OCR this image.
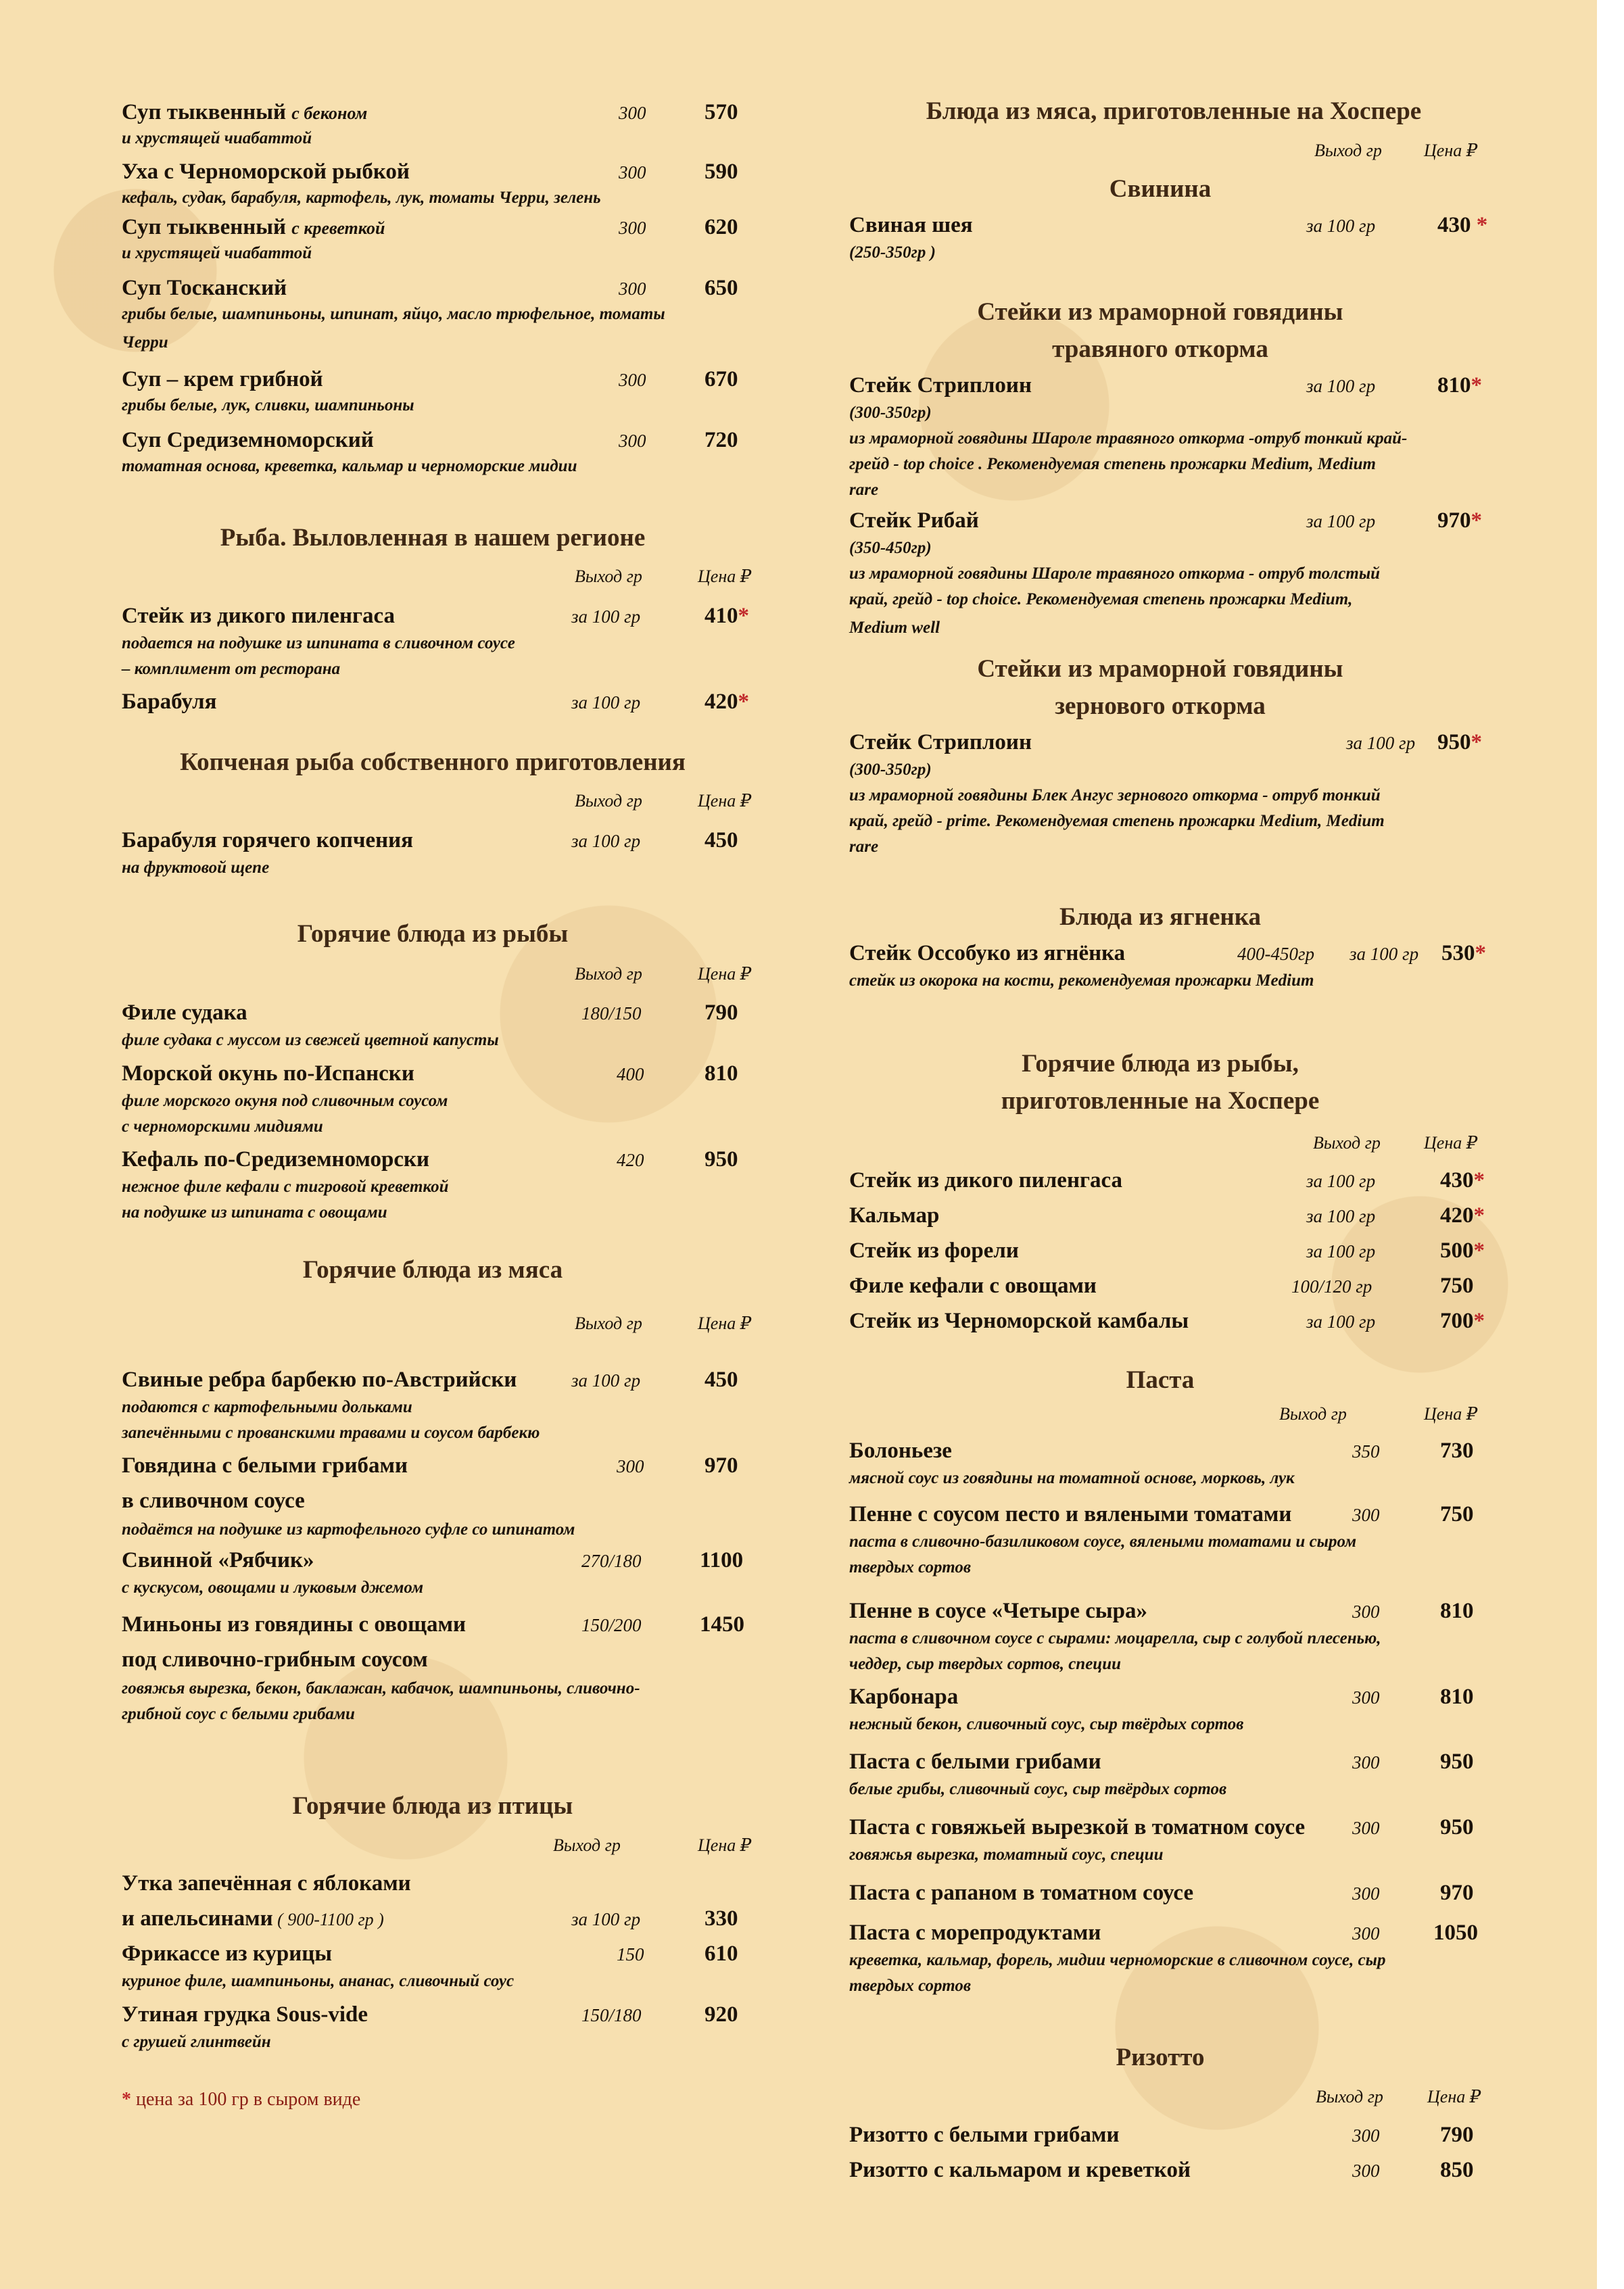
Суп тыквенный с беконом	300	570
и хрустящей чиабаттой
Уха с Черноморской рыбкой	300	590
кефаль, судак, барабуля, картофель, лук, томаты Черри, зелень
Суп тыквенный с креветкой	300	620
и хрустящей чиабаттой
Суп Тосканский	300	650
грибы белые, шампиньоны, шпинат, яйцо, масло трюфельное, томаты
Черри
Суп – крем грибной	300	670
грибы белые, лук, сливки, шампиньоны
Суп Средиземноморский	300	720
томатная основа, креветка, кальмар и черноморские мидии
Рыба. Выловленная в нашем регионе
Выход гр	Цена ₽
Стейк из дикого пиленгаса	за 100 гр	410*
подается на подушке из шпината в сливочном соусе
– комплимент от ресторана
Барабуля	за 100 гр	420*
Копченая рыба собственного приготовления
Выход гр	Цена ₽
Барабуля горячего копчения	за 100 гр	450
на фруктовой щепе
Горячие блюда из рыбы
Выход гр	Цена ₽
Филе судака	180/150	790
филе судака с муссом из свежей цветной капусты
Морской окунь по-Испански	400	810
филе морского окуня под сливочным соусом
с черноморскими мидиями
Кефаль по-Средиземноморски	420	950
нежное филе кефали с тигровой креветкой
на подушке из шпината с овощами
Горячие блюда из мяса
Выход гр	Цена ₽
Свиные ребра барбекю по-Австрийски	за 100 гр	450
подаются с картофельными дольками
запечёнными с прованскими травами и соусом барбекю
Говядина с белыми грибами
в сливочном соусе
300	970
подаётся на подушке из картофельного суфле со шпинатом
Свинной «Рябчик»	270/180	1100
с кускусом, овощами и луковым джемом
Миньоны из говядины с овощами
под сливочно-грибным соусом
150/200	1450
говяжья вырезка, бекон, баклажан, кабачок, шампиньоны, сливочно-
грибной соус с белыми грибами
Горячие блюда из птицы
Выход гр	Цена ₽
Утка запечённая с яблоками
и апельсинами ( 900-1100 гр )	за 100 гр	330
Фрикассе из курицы	150	610
куриное филе, шампиньоны, ананас, сливочный соус
Утиная грудка Sous-vide	150/180	920
с грушей глинтвейн
* цена за 100 гр в сыром виде
Блюда из мяса, приготовленные на Хоспере
Выход гр Цена ₽
Свинина
Свиная шея	за 100 гр	430 *
(250-350гр )
Стейки из мраморной говядины
травяного откорма
Стейк Стриплоин	за 100 гр	810*
(300-350гр)
из мраморной говядины Шароле травяного откорма -отруб тонкий край-
грейд - top choice . Рекомендуемая степень прожарки Medium, Medium
rare
Стейк Рибай	за 100 гр	970*
(350-450гр)
из мраморной говядины Шароле травяного откорма - отруб толстый
край, грейд - top choice. Рекомендуемая степень прожарки Medium,
Medium well
Стейки из мраморной говядины
зернового откорма
Стейк Стриплоин	за 100 гр 950*
(300-350гр)
из мраморной говядины Блек Ангус зернового откорма - отруб тонкий
край, грейд - prime. Рекомендуемая степень прожарки Medium, Medium
rare
Блюда из ягненка
Стейк Оссобуко из ягнёнка	400-450гр за 100 гр 530*
стейк из окорока на кости, рекомендуемая прожарки Medium
Горячие блюда из рыбы,
приготовленные на Хоспере
Выход гр Цена ₽
Стейк из дикого пиленгаса	за 100 гр	430*
Кальмар	за 100 гр	420*
Стейк из форели	за 100 гр	500*
Филе кефали с овощами	100/120 гр	750
Стейк из Черноморской камбалы	за 100 гр	700*
Паста
Выход гр	Цена ₽
Болоньезе	350	730
мясной соус из говядины на томатной основе, морковь, лук
Пенне с соусом песто и вялеными томатами	300	750
паста в сливочно-базиликовом соусе, вялеными томатами и сыром
твердых сортов
Пенне в соусе «Четыре сыра»	300	810
паста в сливочном соусе с сырами: моцарелла, сыр с голубой плесенью,
чеддер, сыр твердых сортов, специи
Карбонара	300	810
нежный бекон, сливочный соус, сыр твёрдых сортов
Паста с белыми грибами	300	950
белые грибы, сливочный соус, сыр твёрдых сортов
Паста с говяжьей вырезкой в томатном соусе	300	950
говяжья вырезка, томатный соус, специи
Паста с рапаном в томатном соусе	300	970
Паста с морепродуктами	300 1050
креветка, кальмар, форель, мидии черноморские в сливочном соусе, сыр
твердых сортов
Ризотто
Выход гр	Цена ₽
Ризотто с белыми грибами	300	790
Ризотто с кальмаром и креветкой	300	850
